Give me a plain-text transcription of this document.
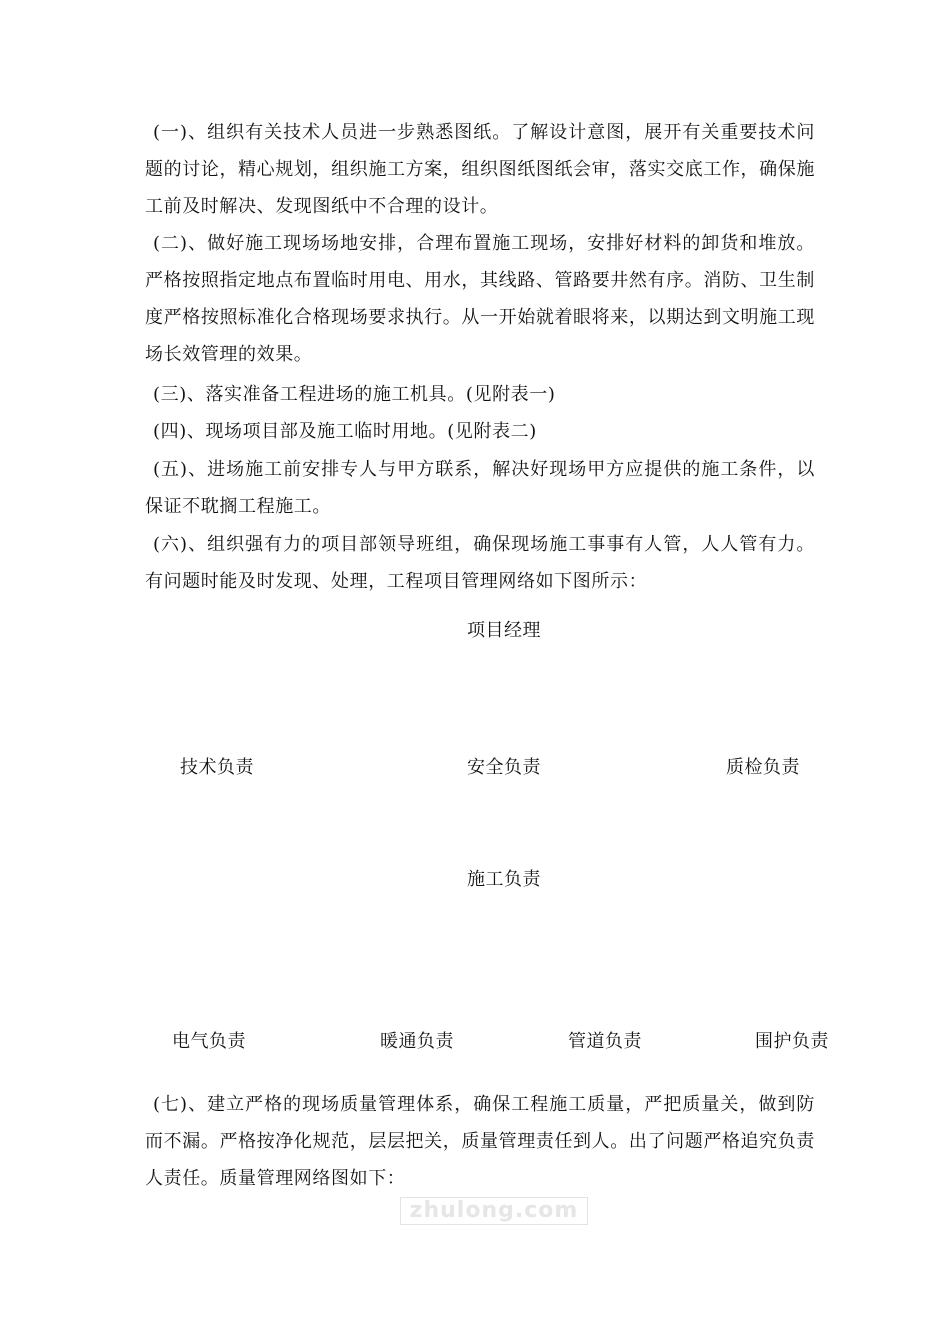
(一)、组织有关技术人员进一步熟悉图纸。了解设计意图，展开有关重要技术问题的讨论，精心规划，组织施工方案，组织图纸图纸会审，落实交底工作，确保施工前及时解决、发现图纸中不合理的设计。

(二)、做好施工现场场地安排，合理布置施工现场，安排好材料的卸货和堆放。严格按照指定地点布置临时用电、用水，其线路、管路要井然有序。消防、卫生制度严格按照标准化合格现场要求执行。从一开始就着眼将来，以期达到文明施工现场长效管理的效果。

(三)、落实准备工程进场的施工机具。(见附表一)

(四)、现场项目部及施工临时用地。(见附表二)

(五)、进场施工前安排专人与甲方联系，解决好现场甲方应提供的施工条件，以保证不耽搁工程施工。

(六)、组织强有力的项目部领导班组，确保现场施工事事有人管，人人管有力。有问题时能及时发现、处理，工程项目管理网络如下图所示：

项目经理
技术负责	安全负责	质检负责
施工负责
电气负责	暖通负责	管道负责	围护负责

(七)、建立严格的现场质量管理体系，确保工程施工质量，严把质量关，做到防而不漏。严格按净化规范，层层把关，质量管理责任到人。出了问题严格追究负责人责任。质量管理网络图如下：

zhulong.com
